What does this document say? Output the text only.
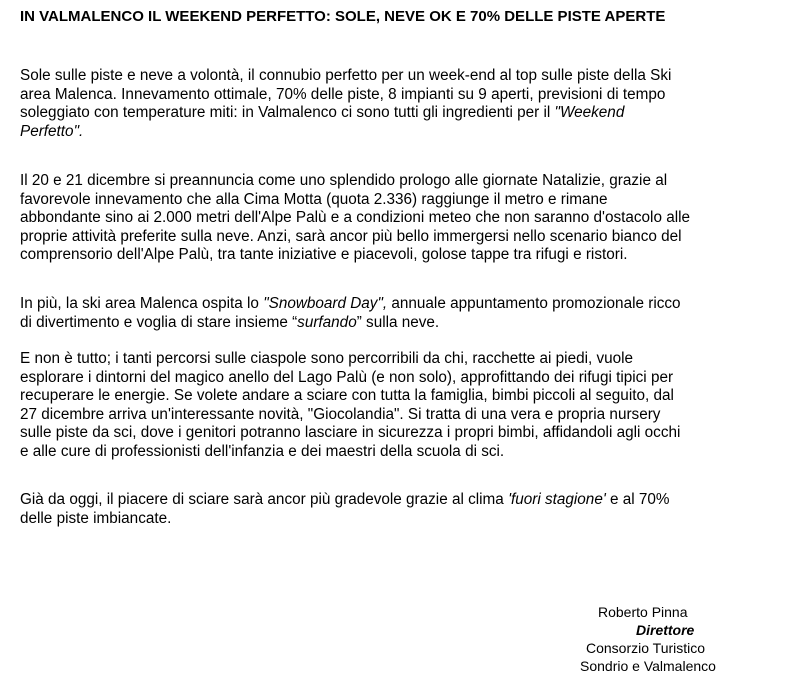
IN VALMALENCO IL WEEKEND PERFETTO: SOLE, NEVE OK E 70% DELLE PISTE APERTE

Sole sulle piste e neve a volontà, il connubio perfetto per un week-end al top sulle piste della Ski
area Malenca. Innevamento ottimale, 70% delle piste, 8 impianti su 9 aperti, previsioni di tempo
soleggiato con temperature miti: in Valmalenco ci sono tutti gli ingredienti per il "Weekend
Perfetto".

Il 20 e 21 dicembre si preannuncia come uno splendido prologo alle giornate Natalizie, grazie al
favorevole innevamento che alla Cima Motta (quota 2.336) raggiunge il metro e rimane
abbondante sino ai 2.000 metri dell'Alpe Palù e a condizioni meteo che non saranno d'ostacolo alle
proprie attività preferite sulla neve. Anzi, sarà ancor più bello immergersi nello scenario bianco del
comprensorio dell'Alpe Palù, tra tante iniziative e piacevoli, golose tappe tra rifugi e ristori.

In più, la ski area Malenca ospita lo "Snowboard Day", annuale appuntamento promozionale ricco
di divertimento e voglia di stare insieme “surfando” sulla neve.

E non è tutto; i tanti percorsi sulle ciaspole sono percorribili da chi, racchette ai piedi, vuole
esplorare i dintorni del magico anello del Lago Palù (e non solo), approfittando dei rifugi tipici per
recuperare le energie. Se volete andare a sciare con tutta la famiglia, bimbi piccoli al seguito, dal
27 dicembre arriva un'interessante novità, "Giocolandia". Si tratta di una vera e propria nursery
sulle piste da sci, dove i genitori potranno lasciare in sicurezza i propri bimbi, affidandoli agli occhi
e alle cure di professionisti dell'infanzia e dei maestri della scuola di sci.

Già da oggi, il piacere di sciare sarà ancor più gradevole grazie al clima 'fuori stagione' e al 70%
delle piste imbiancate.

Roberto Pinna
Direttore
Consorzio Turistico
Sondrio e Valmalenco
